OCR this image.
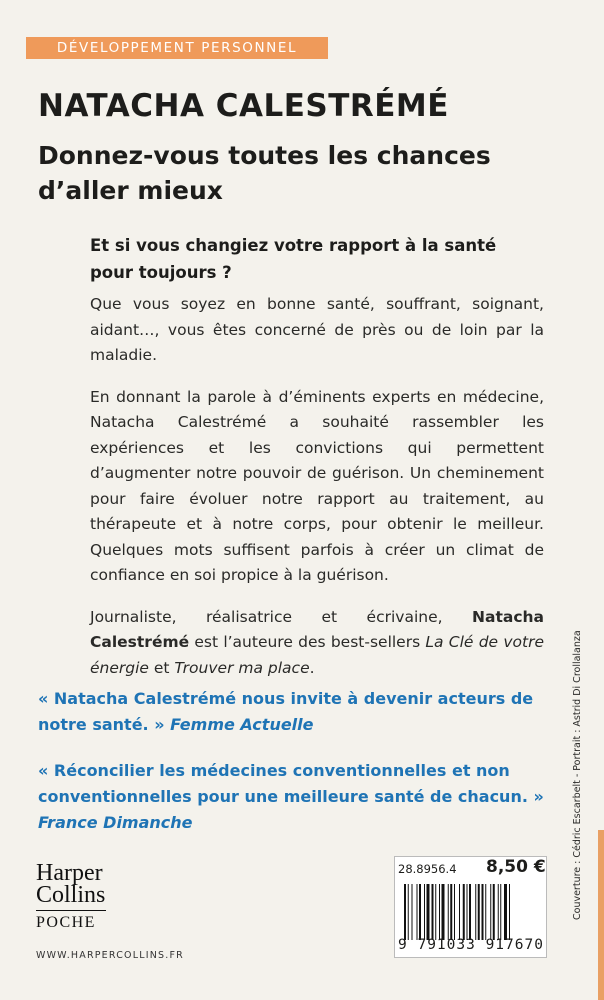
DÉVELOPPEMENT PERSONNEL
NATACHA CALESTRÉMÉ
Donnez-vous toutes les chances d’aller mieux

Et si vous changiez votre rapport à la santé pour toujours ?

Que vous soyez en bonne santé, souffrant, soignant, aidant…, vous êtes concerné de près ou de loin par la maladie.

En donnant la parole à d’éminents experts en médecine, Natacha Calestrémé a souhaité rassembler les expériences et les convictions qui permettent d’augmenter notre pouvoir de guérison. Un cheminement pour faire évoluer notre rapport au traitement, au thérapeute et à notre corps, pour obtenir le meilleur. Quelques mots suffisent parfois à créer un climat de confiance en soi propice à la guérison.

Journaliste, réalisatrice et écrivaine, Natacha Calestrémé est l’auteure des best-sellers La Clé de votre énergie et Trouver ma place.

« Natacha Calestrémé nous invite à devenir acteurs de notre santé. » Femme Actuelle

« Réconcilier les médecines conventionnelles et non conventionnelles pour une meilleure santé de chacun. »
France Dimanche	Couverture : Cédric Escarbelt - Portrait : Astrid Di Crollalanza
Harper
Collins
POCHE
WWW.HARPERCOLLINS.FR
28.8956.4 8,50 €
9 791033 917670
